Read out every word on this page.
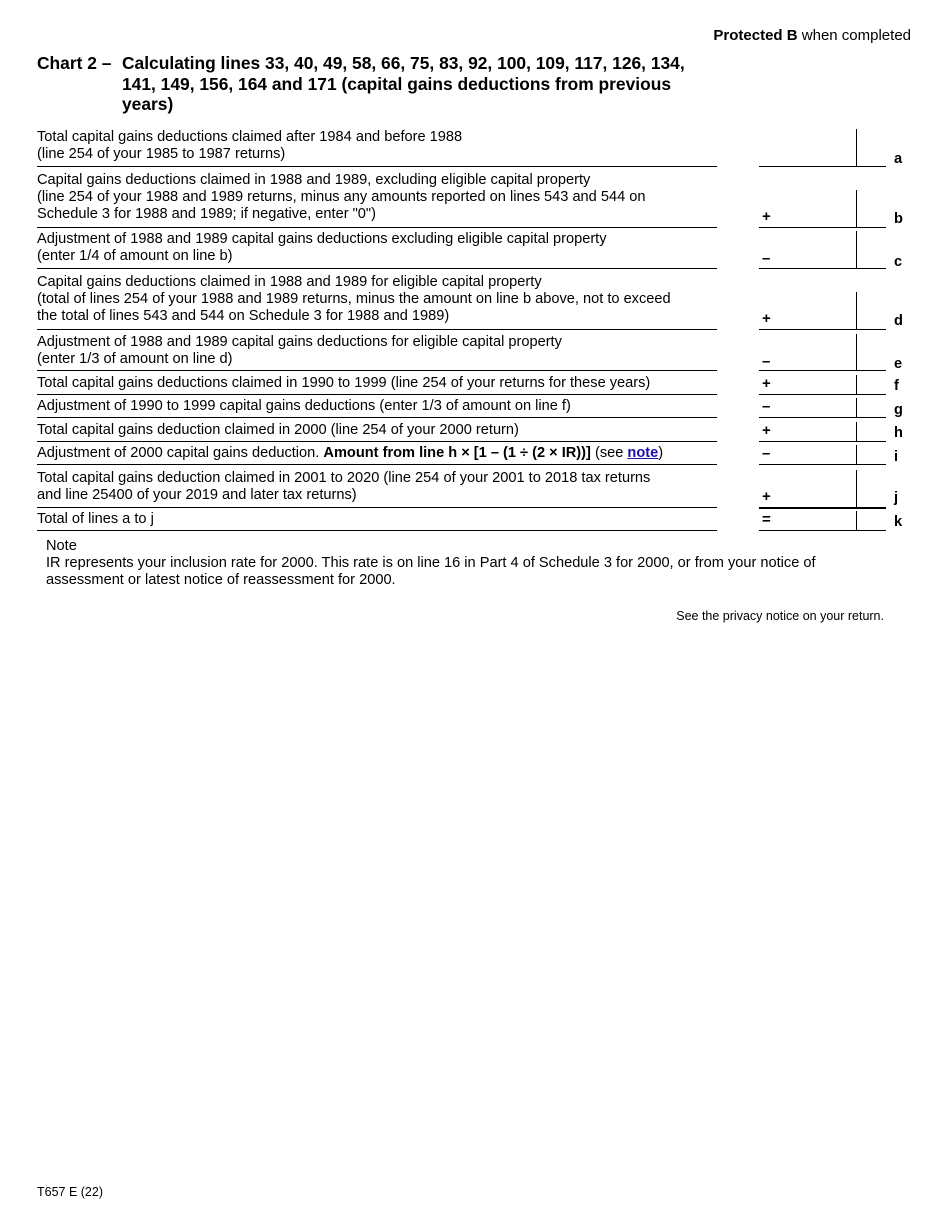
Protected B when completed
Chart 2 – Calculating lines 33, 40, 49, 58, 66, 75, 83, 92, 100, 109, 117, 126, 134,
141, 149, 156, 164 and 171 (capital gains deductions from previous
years)
Total capital gains deductions claimed after 1984 and before 1988
(line 254 of your 1985 to 1987 returns)	a
Capital gains deductions claimed in 1988 and 1989, excluding eligible capital property
(line 254 of your 1988 and 1989 returns, minus any amounts reported on lines 543 and 544 on
Schedule 3 for 1988 and 1989; if negative, enter "0")	+	b
Adjustment of 1988 and 1989 capital gains deductions excluding eligible capital property
(enter 1/4 of amount on line b)	–	c
Capital gains deductions claimed in 1988 and 1989 for eligible capital property
(total of lines 254 of your 1988 and 1989 returns, minus the amount on line b above, not to exceed
the total of lines 543 and 544 on Schedule 3 for 1988 and 1989)	+	d
Adjustment of 1988 and 1989 capital gains deductions for eligible capital property
(enter 1/3 of amount on line d)	–	e
Total capital gains deductions claimed in 1990 to 1999 (line 254 of your returns for these years)	+	f
Adjustment of 1990 to 1999 capital gains deductions (enter 1/3 of amount on line f)	–	g
Total capital gains deduction claimed in 2000 (line 254 of your 2000 return)	+	h
Adjustment of 2000 capital gains deduction. Amount from line h × [1 – (1 ÷ (2 × IR))] (see note)	–	i
Total capital gains deduction claimed in 2001 to 2020 (line 254 of your 2001 to 2018 tax returns
and line 25400 of your 2019 and later tax returns)	+	j
Total of lines a to j	=	k
Note
IR represents your inclusion rate for 2000. This rate is on line 16 in Part 4 of Schedule 3 for 2000, or from your notice of
assessment or latest notice of reassessment for 2000.
See the privacy notice on your return.
T657 E (22)
